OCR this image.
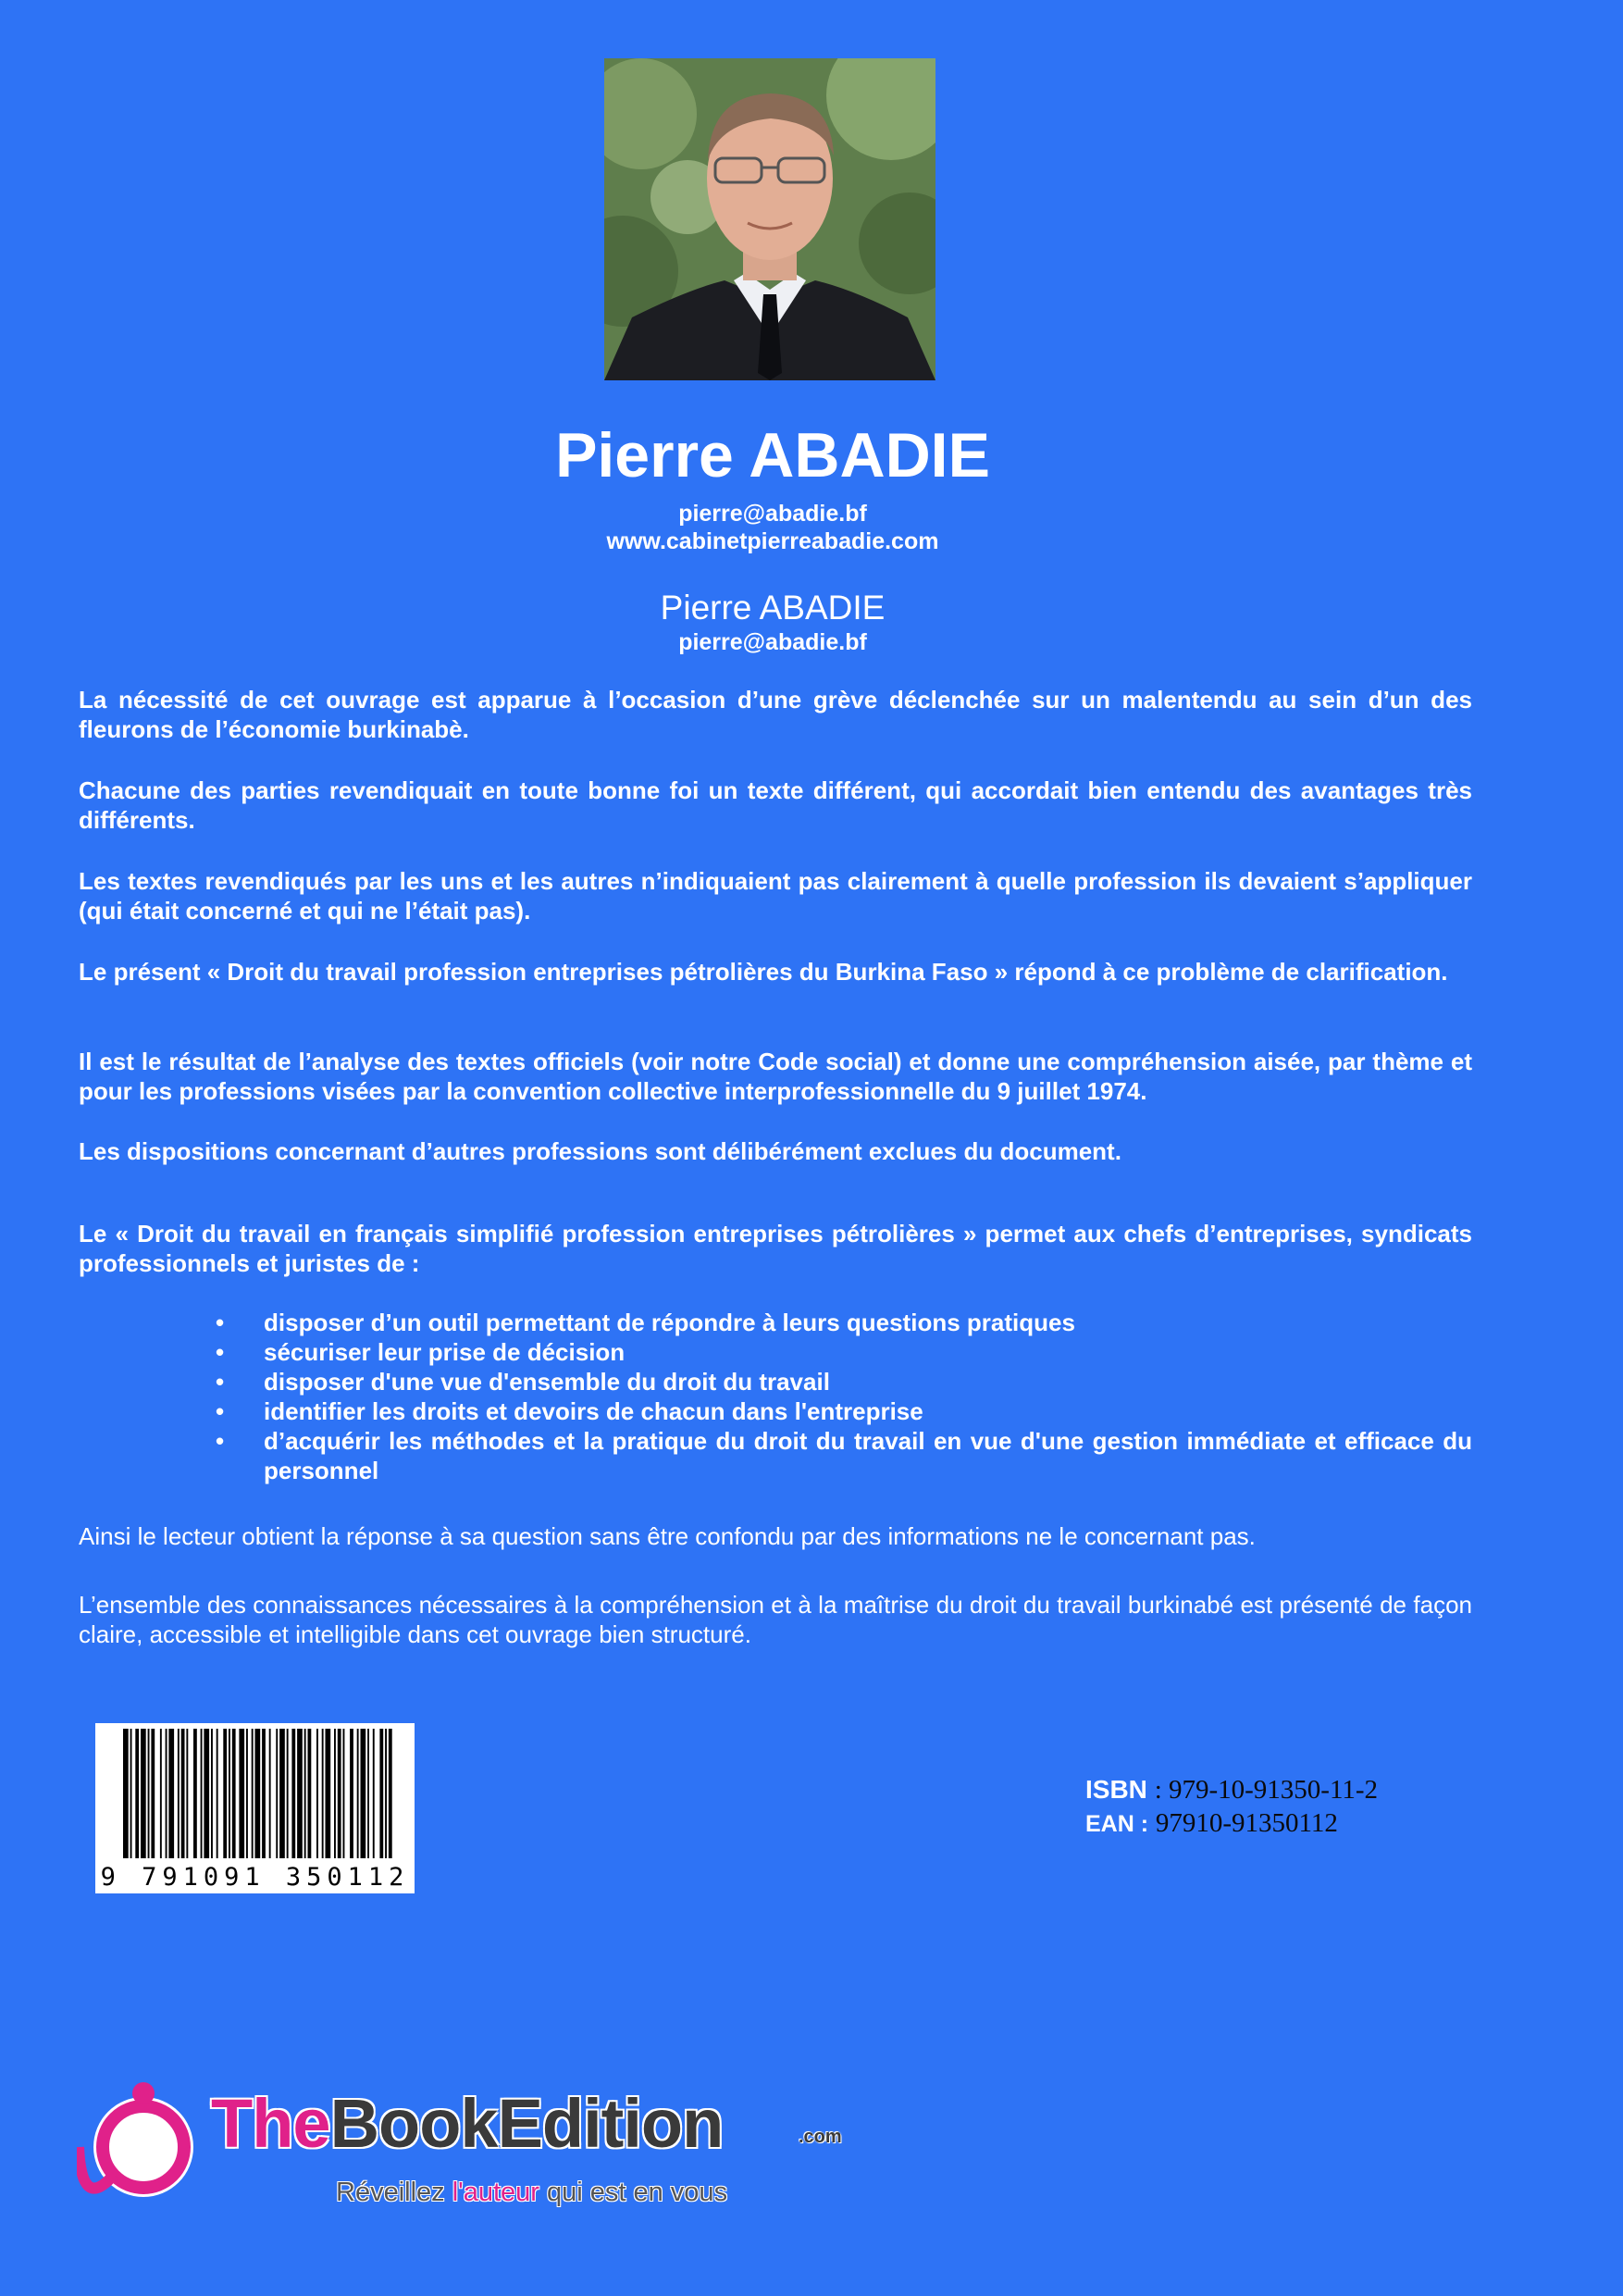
Pierre ABADIE
pierre@abadie.bf
www.cabinetpierreabadie.com
Pierre ABADIE
pierre@abadie.bf
La nécessité de cet ouvrage est apparue à l’occasion d’une grève déclenchée sur un malentendu au sein d’un des fleurons de l’économie burkinabè.
Chacune des parties revendiquait en toute bonne foi un texte différent, qui accordait bien entendu des avantages très différents.
Les textes revendiqués par les uns et les autres n’indiquaient pas clairement à quelle profession ils devaient s’appliquer (qui était concerné et qui ne l’était pas).
Le présent « Droit du travail profession entreprises pétrolières du Burkina Faso » répond à ce problème de clarification.
Il est le résultat de l’analyse des textes officiels (voir notre Code social) et donne une compréhension aisée, par thème et pour les professions visées par la convention collective interprofessionnelle du 9 juillet 1974.
Les dispositions concernant d’autres professions sont délibérément exclues du document.
Le « Droit du travail en français simplifié profession entreprises pétrolières » permet aux chefs d’entreprises, syndicats professionnels et juristes de :
• disposer d’un outil permettant de répondre à leurs questions pratiques
• sécuriser leur prise de décision
• disposer d'une vue d'ensemble du droit du travail
• identifier les droits et devoirs de chacun dans l'entreprise
• d’acquérir les méthodes et la pratique du droit du travail en vue d'une gestion immédiate et efficace du personnel
Ainsi le lecteur obtient la réponse à sa question sans être confondu par des informations ne le concernant pas.
L’ensemble des connaissances nécessaires à la compréhension et à la maîtrise du droit du travail burkinabé est présenté de façon claire, accessible et intelligible dans cet ouvrage bien structuré.
9 791091 350112
ISBN : 979-10-91350-11-2
EAN : 97910-91350112
TheBookEdition	.com
Réveillez l'auteur qui est en vous
